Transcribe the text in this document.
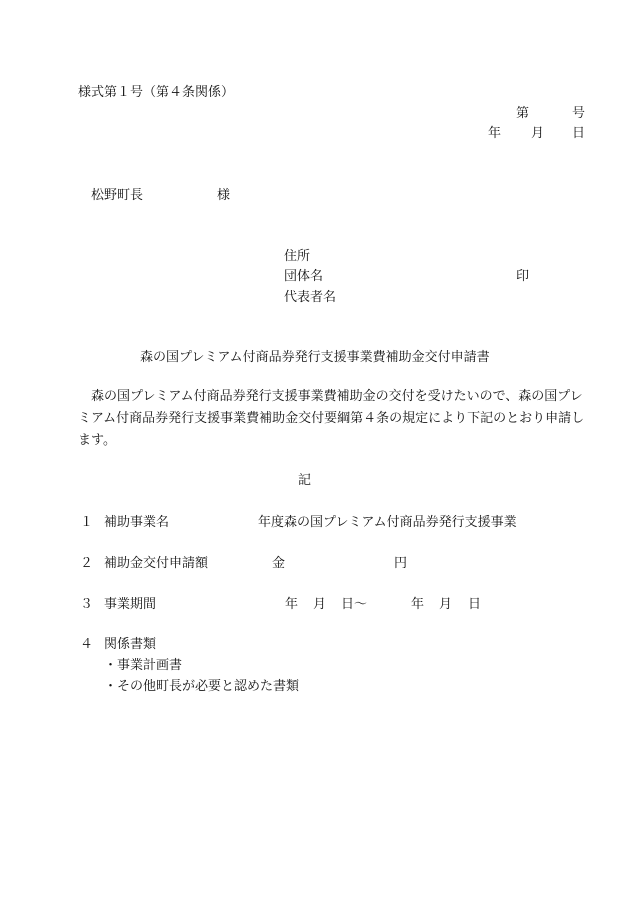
様式第１号（第４条関係）
第	号
年 月 日
松野町長	様
住所
団体名	印
代表者名
森の国プレミアム付商品券発行支援事業費補助金交付申請書
　森の国プレミアム付商品券発行支援事業費補助金の交付を受けたいので、森の国プレミアム付商品券発行支援事業費補助金交付要綱第４条の規定により下記のとおり申請します。
記
１ 補助事業名	年度森の国プレミアム付商品券発行支援事業
２ 補助金交付申請額	金	円
３ 事業期間	年 月 日〜	年 月 日
４ 関係書類
・事業計画書
・その他町長が必要と認めた書類
